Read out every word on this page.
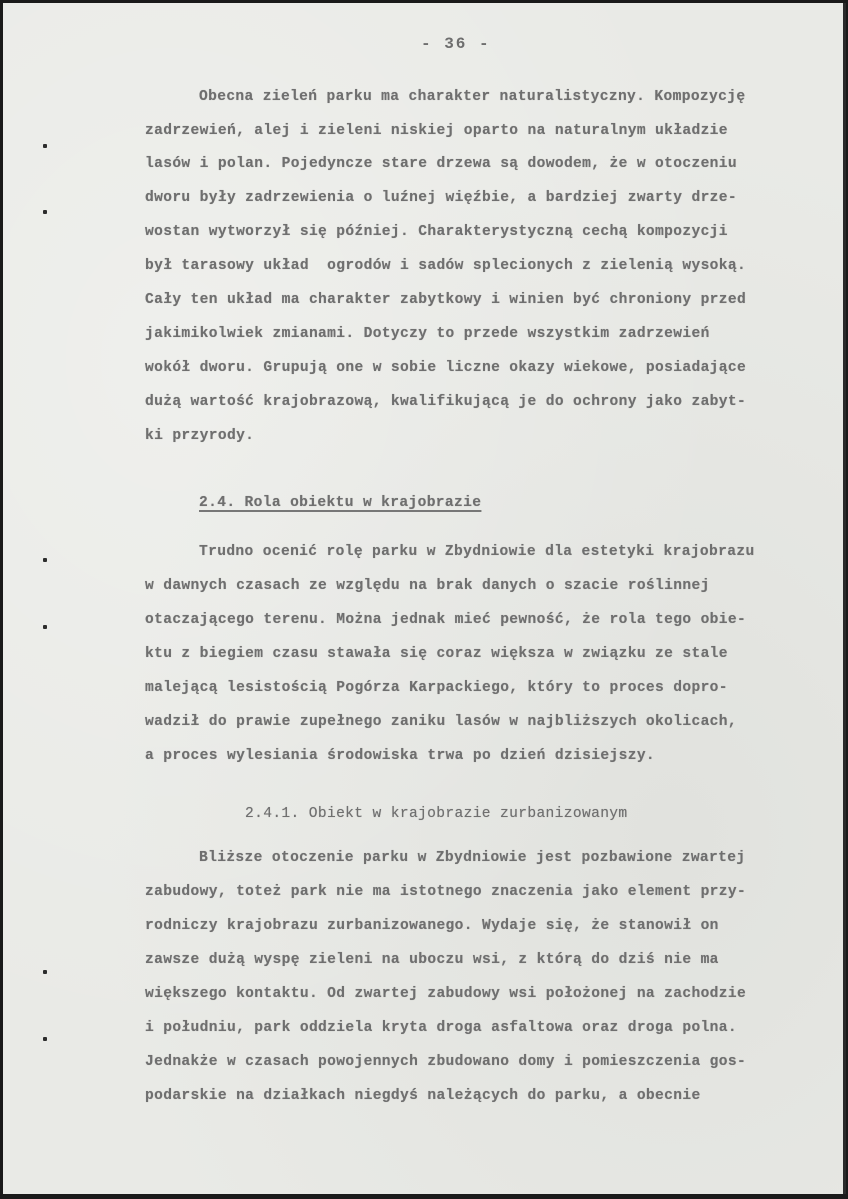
- 36 -
Obecna zieleń parku ma charakter naturalistyczny. Kompozycję
zadrzewień, alej i zieleni niskiej oparto na naturalnym układzie
lasów i polan. Pojedyncze stare drzewa są dowodem, że w otoczeniu
dworu były zadrzewienia o luźnej więźbie, a bardziej zwarty drze-
wostan wytworzył się później. Charakterystyczną cechą kompozycji
był tarasowy układ  ogrodów i sadów splecionych z zielenią wysoką.
Cały ten układ ma charakter zabytkowy i winien być chroniony przed
jakimikolwiek zmianami. Dotyczy to przede wszystkim zadrzewień
wokół dworu. Grupują one w sobie liczne okazy wiekowe, posiadające
dużą wartość krajobrazową, kwalifikującą je do ochrony jako zabyt-
ki przyrody.
2.4. Rola obiektu w krajobrazie
Trudno ocenić rolę parku w Zbydniowie dla estetyki krajobrazu
w dawnych czasach ze względu na brak danych o szacie roślinnej
otaczającego terenu. Można jednak mieć pewność, że rola tego obie-
ktu z biegiem czasu stawała się coraz większa w związku ze stale
malejącą lesistością Pogórza Karpackiego, który to proces dopro-
wadził do prawie zupełnego zaniku lasów w najbliższych okolicach,
a proces wylesiania środowiska trwa po dzień dzisiejszy.
2.4.1. Obiekt w krajobrazie zurbanizowanym
Bliższe otoczenie parku w Zbydniowie jest pozbawione zwartej
zabudowy, toteż park nie ma istotnego znaczenia jako element przy-
rodniczy krajobrazu zurbanizowanego. Wydaje się, że stanowił on
zawsze dużą wyspę zieleni na uboczu wsi, z którą do dziś nie ma
większego kontaktu. Od zwartej zabudowy wsi położonej na zachodzie
i południu, park oddziela kryta droga asfaltowa oraz droga polna.
Jednakże w czasach powojennych zbudowano domy i pomieszczenia gos-
podarskie na działkach niegdyś należących do parku, a obecnie
